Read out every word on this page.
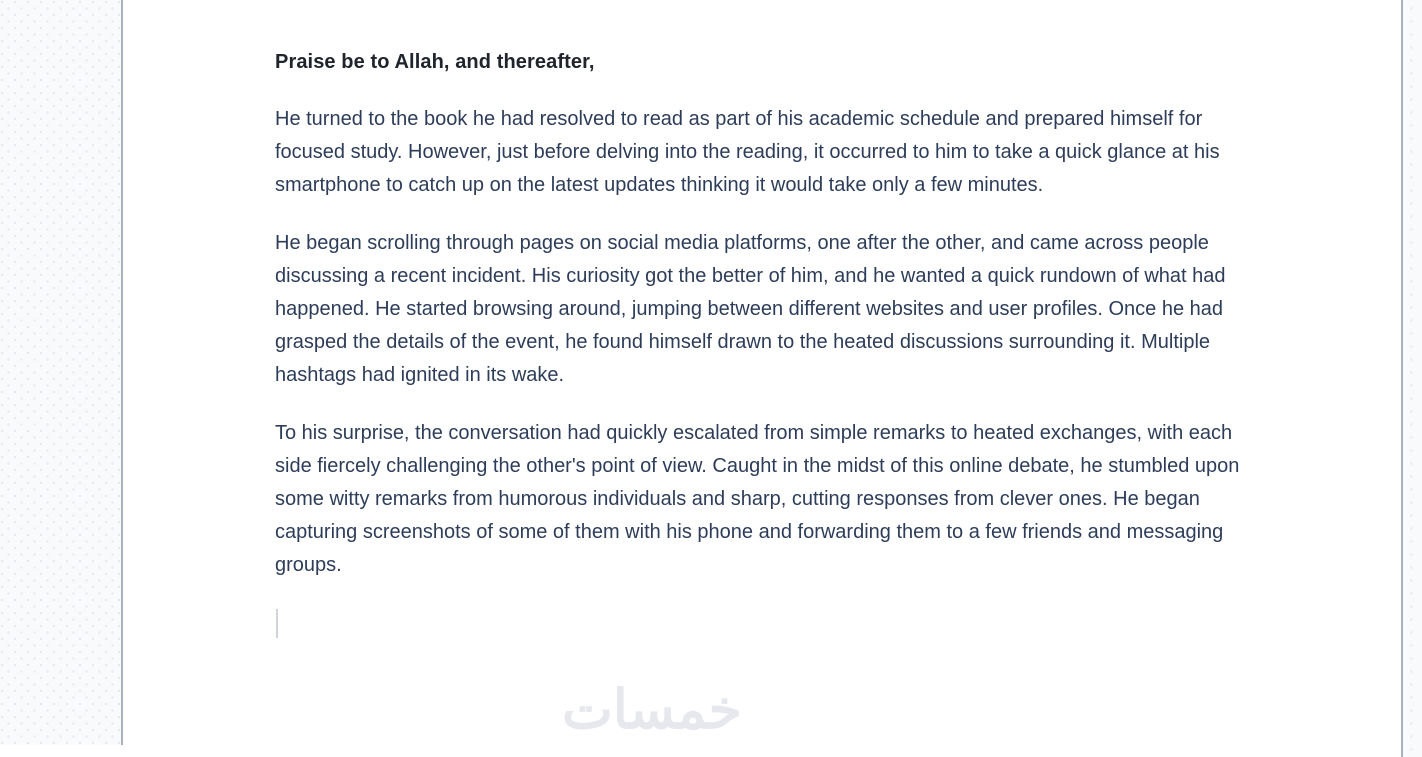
Praise be to Allah, and thereafter,

He turned to the book he had resolved to read as part of his academic schedule and prepared himself for focused study. However, just before delving into the reading, it occurred to him to take a quick glance at his smartphone to catch up on the latest updates thinking it would take only a few minutes.

He began scrolling through pages on social media platforms, one after the other, and came across people discussing a recent incident. His curiosity got the better of him, and he wanted a quick rundown of what had happened. He started browsing around, jumping between different websites and user profiles. Once he had grasped the details of the event, he found himself drawn to the heated discussions surrounding it. Multiple hashtags had ignited in its wake.

To his surprise, the conversation had quickly escalated from simple remarks to heated exchanges, with each side fiercely challenging the other's point of view. Caught in the midst of this online debate, he stumbled upon some witty remarks from humorous individuals and sharp, cutting responses from clever ones. He began capturing screenshots of some of them with his phone and forwarding them to a few friends and messaging groups.

خمسات
